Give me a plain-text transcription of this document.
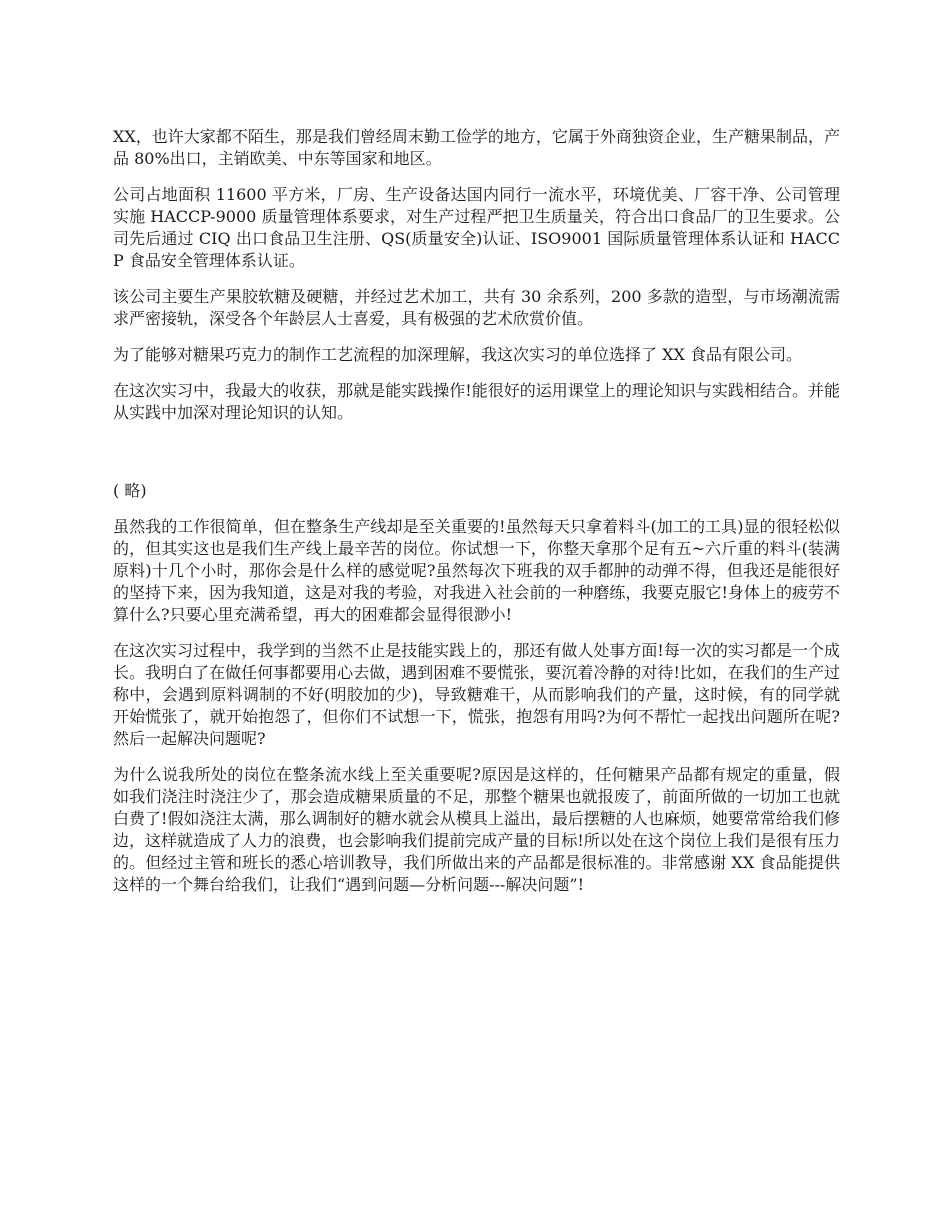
XX，也许大家都不陌生，那是我们曾经周末勤工俭学的地方，它属于外商独资企业，生产糖果制品，产品 80%出口，主销欧美、中东等国家和地区。

公司占地面积 11600 平方米，厂房、生产设备达国内同行一流水平，环境优美、厂容干净、公司管理实施 HACCP-9000 质量管理体系要求，对生产过程严把卫生质量关，符合出口食品厂的卫生要求。公司先后通过 CIQ 出口食品卫生注册、QS(质量安全)认证、ISO9001 国际质量管理体系认证和 HACCP 食品安全管理体系认证。

该公司主要生产果胶软糖及硬糖，并经过艺术加工，共有 30 余系列，200 多款的造型，与市场潮流需求严密接轨，深受各个年龄层人士喜爱，具有极强的艺术欣赏价值。

为了能够对糖果巧克力的制作工艺流程的加深理解，我这次实习的单位选择了 XX 食品有限公司。

在这次实习中，我最大的收获，那就是能实践操作!能很好的运用课堂上的理论知识与实践相结合。并能从实践中加深对理论知识的认知。

( 略)

虽然我的工作很简单，但在整条生产线却是至关重要的!虽然每天只拿着料斗(加工的工具)显的很轻松似的，但其实这也是我们生产线上最辛苦的岗位。你试想一下，你整天拿那个足有五~六斤重的料斗(装满原料)十几个小时，那你会是什么样的感觉呢?虽然每次下班我的双手都肿的动弹不得，但我还是能很好的坚持下来，因为我知道，这是对我的考验，对我进入社会前的一种磨练，我要克服它!身体上的疲劳不算什么?只要心里充满希望，再大的困难都会显得很渺小!

在这次实习过程中，我学到的当然不止是技能实践上的，那还有做人处事方面!每一次的实习都是一个成长。我明白了在做任何事都要用心去做，遇到困难不要慌张，要沉着冷静的对待!比如，在我们的生产过称中，会遇到原料调制的不好(明胶加的少)，导致糖难干，从而影响我们的产量，这时候，有的同学就开始慌张了，就开始抱怨了，但你们不试想一下，慌张，抱怨有用吗?为何不帮忙一起找出问题所在呢?然后一起解决问题呢?

为什么说我所处的岗位在整条流水线上至关重要呢?原因是这样的，任何糖果产品都有规定的重量，假如我们浇注时浇注少了，那会造成糖果质量的不足，那整个糖果也就报废了，前面所做的一切加工也就白费了!假如浇注太满，那么调制好的糖水就会从模具上溢出，最后摆糖的人也麻烦，她要常常给我们修边，这样就造成了人力的浪费，也会影响我们提前完成产量的目标!所以处在这个岗位上我们是很有压力的。但经过主管和班长的悉心培训教导，我们所做出来的产品都是很标准的。非常感谢 XX 食品能提供这样的一个舞台给我们，让我们“遇到问题—分析问题---解决问题”!
